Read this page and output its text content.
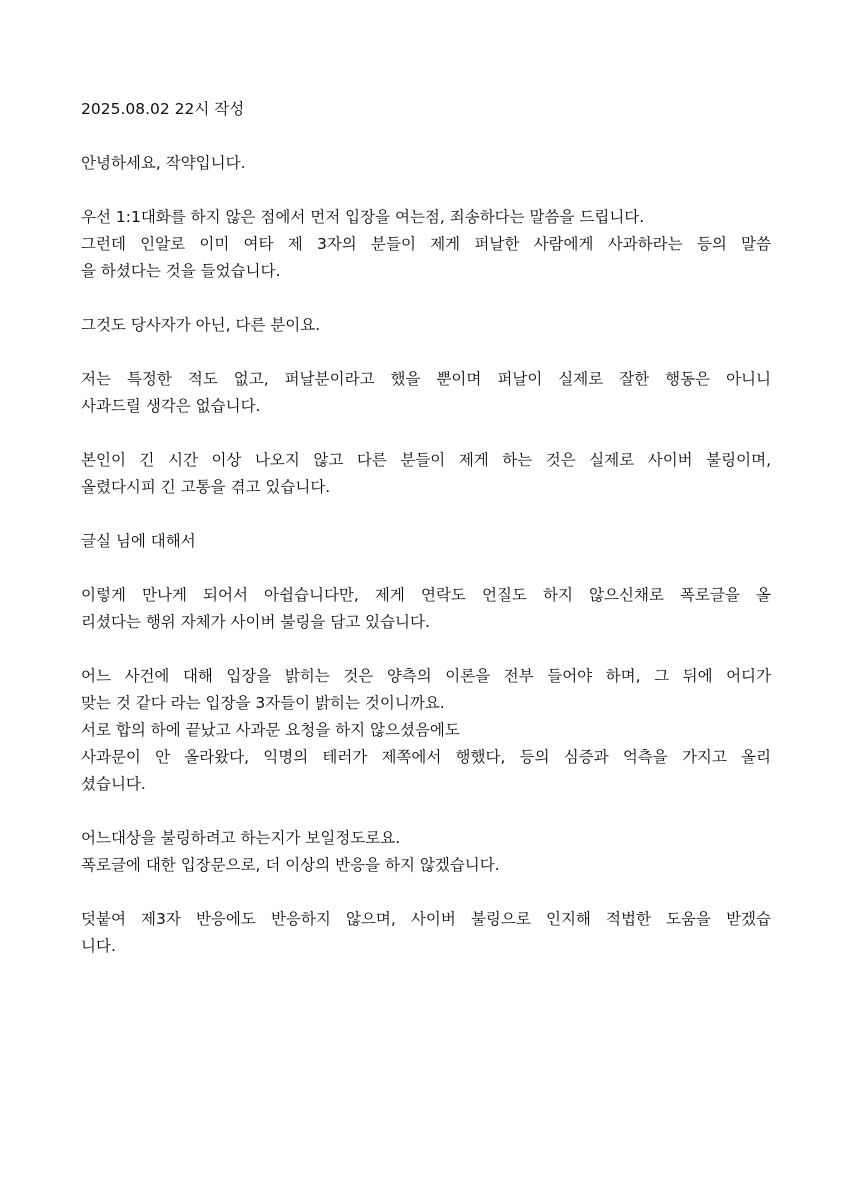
2025.08.02 22시 작성
안녕하세요, 작약입니다.
우선 1:1대화를 하지 않은 점에서 먼저 입장을 여는점, 죄송하다는 말씀을 드립니다.
그런데 인알로 이미 여타 제 3자의 분들이 제게 퍼날한 사람에게 사과하라는 등의 말씀
을 하셨다는 것을 들었습니다.
그것도 당사자가 아닌, 다른 분이요.
저는 특정한 적도 없고, 퍼날분이라고 했을 뿐이며 퍼날이 실제로 잘한 행동은 아니니
사과드릴 생각은 없습니다.
본인이 긴 시간 이상 나오지 않고 다른 분들이 제게 하는 것은 실제로 사이버 불링이며,
올렸다시피 긴 고통을 겪고 있습니다.
글실 님에 대해서
이렇게 만나게 되어서 아쉽습니다만, 제게 연락도 언질도 하지 않으신채로 폭로글을 올
리셨다는 행위 자체가 사이버 불링을 담고 있습니다.
어느 사건에 대해 입장을 밝히는 것은 양측의 이론을 전부 들어야 하며, 그 뒤에 어디가
맞는 것 같다 라는 입장을 3자들이 밝히는 것이니까요.
서로 합의 하에 끝났고 사과문 요청을 하지 않으셨음에도
사과문이 안 올라왔다, 익명의 테러가 제쪽에서 행했다, 등의 심증과 억측을 가지고 올리
셨습니다.
어느대상을 불링하려고 하는지가 보일정도로요.
폭로글에 대한 입장문으로, 더 이상의 반응을 하지 않겠습니다.
덧붙여 제3자 반응에도 반응하지 않으며, 사이버 불링으로 인지해 적법한 도움을 받겠습
니다.
